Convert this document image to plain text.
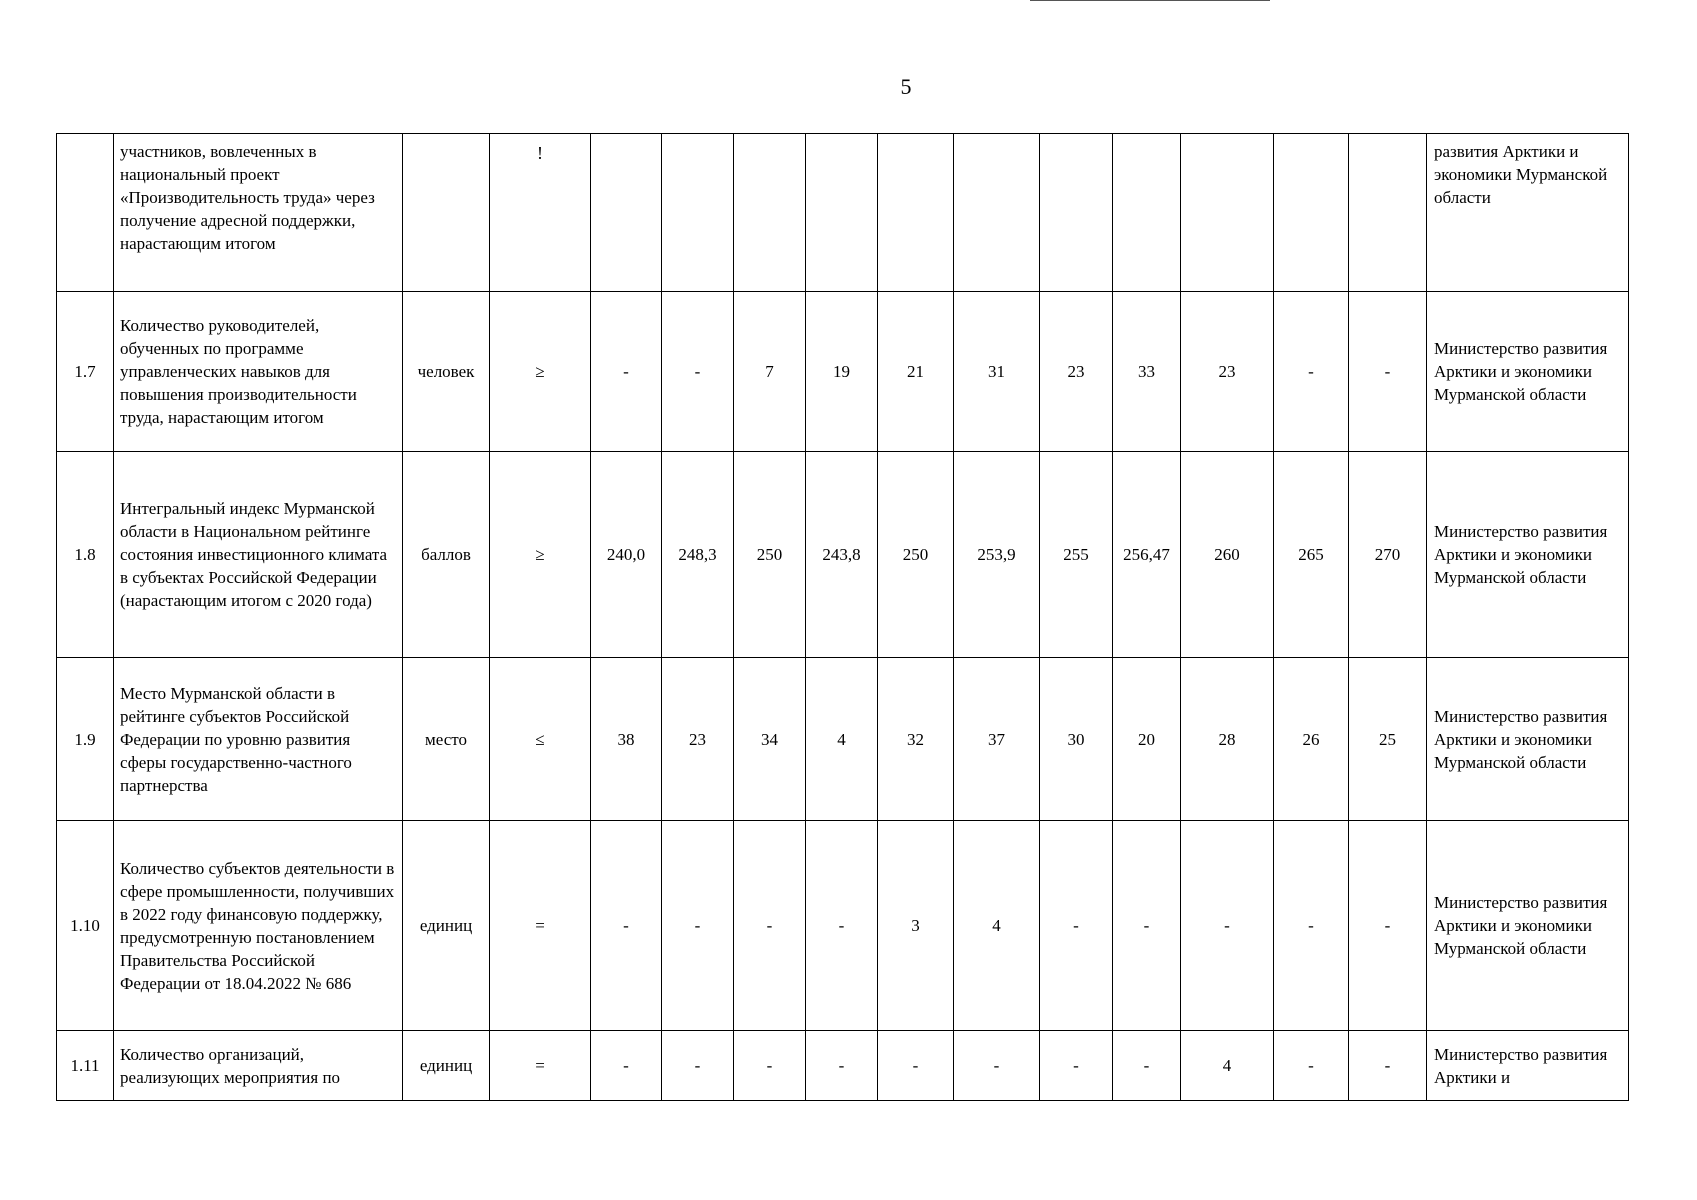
5
	участников, вовлеченных в национальный проект «Производительность труда» через получение адресной поддержки, нарастающим итогом		!												развития Арктики и экономики Мурманской области
1.7	Количество руководителей, обученных по программе управленческих навыков для повышения производительности труда, нарастающим итогом	человек	≥	-	-	7	19	21	31	23	33	23	-	-	Министерство развития Арктики и экономики Мурманской области
1.8	Интегральный индекс Мурманской области в Национальном рейтинге состояния инвестиционного климата в субъектах Российской Федерации (нарастающим итогом с 2020 года)	баллов	≥	240,0	248,3	250	243,8	250	253,9	255	256,47	260	265	270	Министерство развития Арктики и экономики Мурманской области
1.9	Место Мурманской области в рейтинге субъектов Российской Федерации по уровню развития сферы государственно-частного партнерства	место	≤	38	23	34	4	32	37	30	20	28	26	25	Министерство развития Арктики и экономики Мурманской области
1.10	Количество субъектов деятельности в сфере промышленности, получивших в 2022 году финансовую поддержку, предусмотренную постановлением Правительства Российской Федерации от 18.04.2022 № 686	единиц	=	-	-	-	-	3	4	-	-	-	-	-	Министерство развития Арктики и экономики Мурманской области
1.11	Количество организаций, реализующих мероприятия по	единиц	=	-	-	-	-	-	-	-	-	4	-	-	Министерство развития Арктики и
